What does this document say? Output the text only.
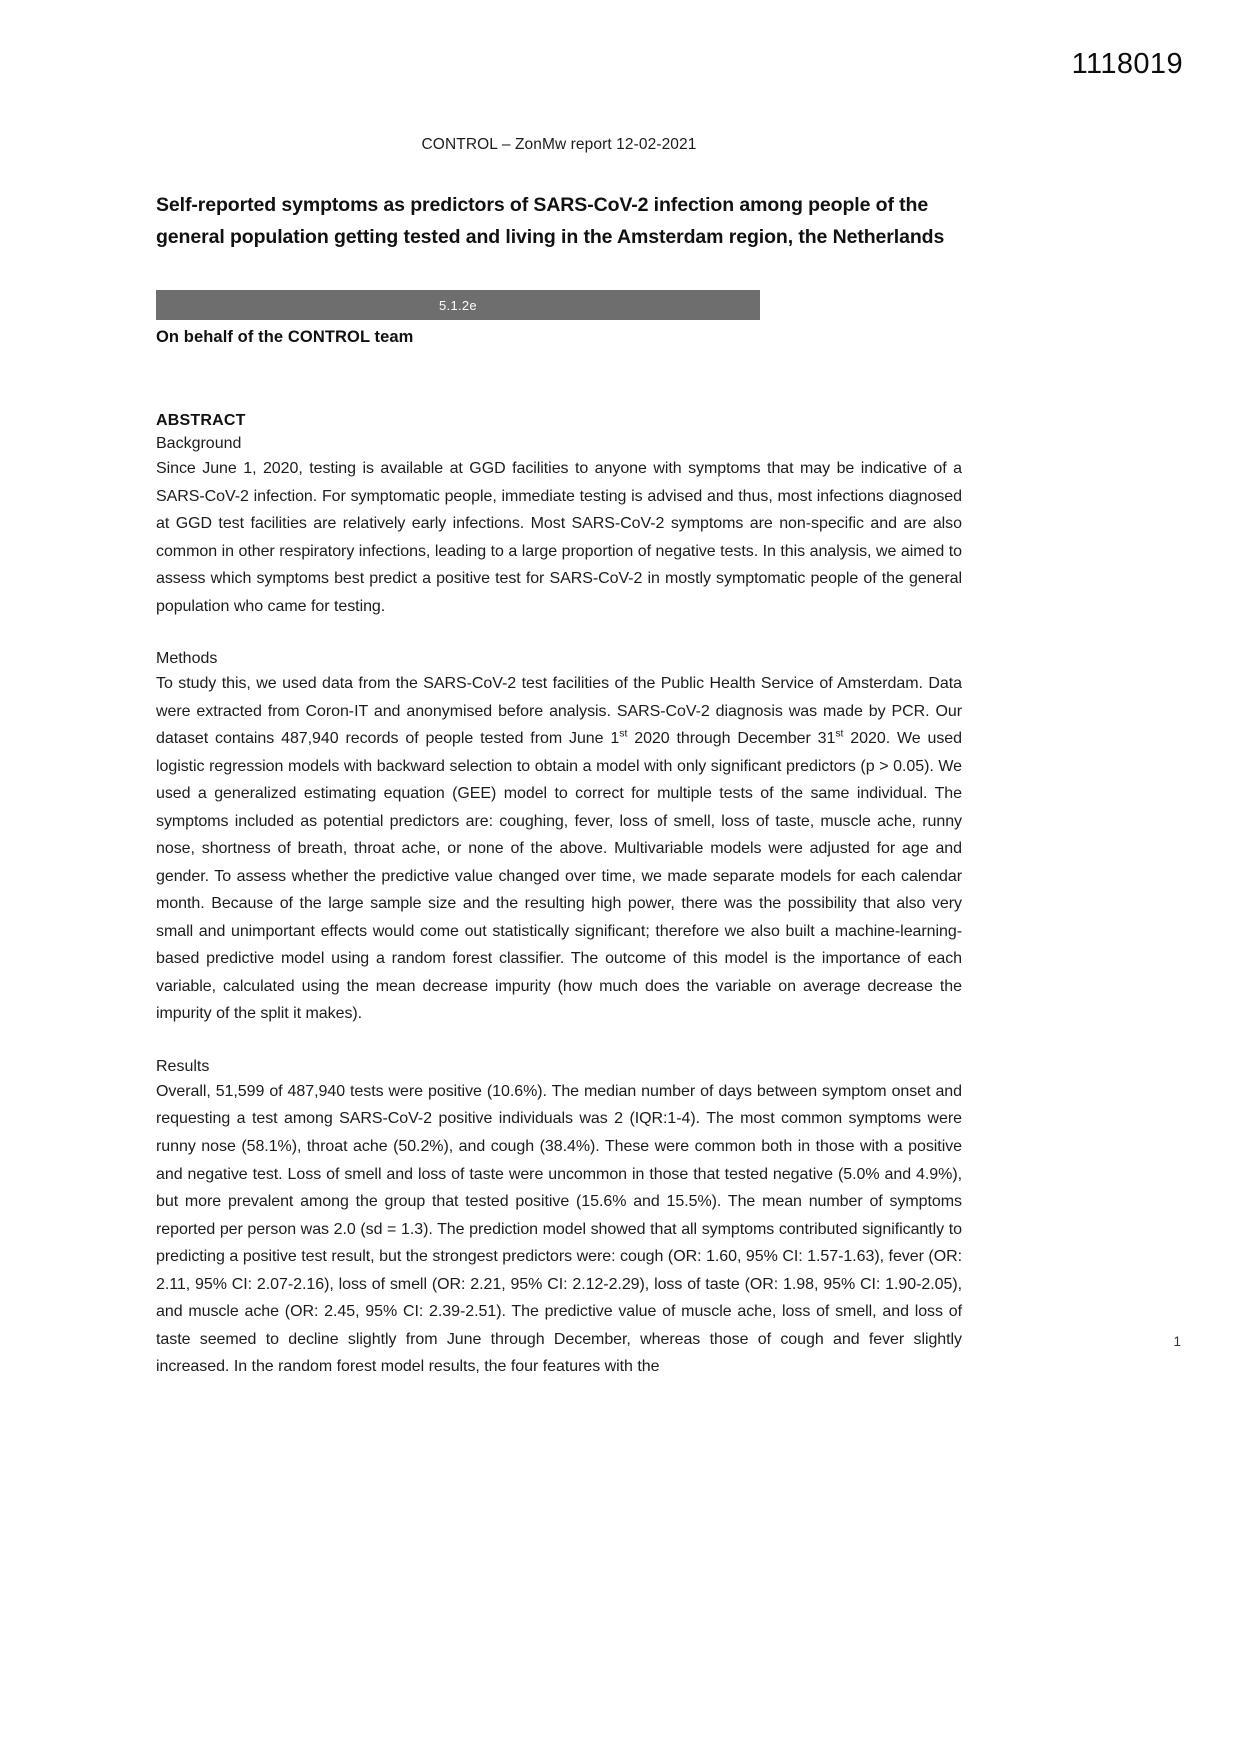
1118019
CONTROL – ZonMw report 12-02-2021
Self-reported symptoms as predictors of SARS-CoV-2 infection among people of the general population getting tested and living in the Amsterdam region, the Netherlands
5.1.2e
On behalf of the CONTROL team
ABSTRACT
Background

Since June 1, 2020, testing is available at GGD facilities to anyone with symptoms that may be indicative of a SARS-CoV-2 infection. For symptomatic people, immediate testing is advised and thus, most infections diagnosed at GGD test facilities are relatively early infections. Most SARS-CoV-2 symptoms are non-specific and are also common in other respiratory infections, leading to a large proportion of negative tests. In this analysis, we aimed to assess which symptoms best predict a positive test for SARS-CoV-2 in mostly symptomatic people of the general population who came for testing.

Methods

To study this, we used data from the SARS-CoV-2 test facilities of the Public Health Service of Amsterdam. Data were extracted from Coron-IT and anonymised before analysis. SARS-CoV-2 diagnosis was made by PCR. Our dataset contains 487,940 records of people tested from June 1st 2020 through December 31st 2020. We used logistic regression models with backward selection to obtain a model with only significant predictors (p > 0.05). We used a generalized estimating equation (GEE) model to correct for multiple tests of the same individual. The symptoms included as potential predictors are: coughing, fever, loss of smell, loss of taste, muscle ache, runny nose, shortness of breath, throat ache, or none of the above. Multivariable models were adjusted for age and gender. To assess whether the predictive value changed over time, we made separate models for each calendar month. Because of the large sample size and the resulting high power, there was the possibility that also very small and unimportant effects would come out statistically significant; therefore we also built a machine-learning-based predictive model using a random forest classifier. The outcome of this model is the importance of each variable, calculated using the mean decrease impurity (how much does the variable on average decrease the impurity of the split it makes).

Results

Overall, 51,599 of 487,940 tests were positive (10.6%). The median number of days between symptom onset and requesting a test among SARS-CoV-2 positive individuals was 2 (IQR:1-4). The most common symptoms were runny nose (58.1%), throat ache (50.2%), and cough (38.4%). These were common both in those with a positive and negative test. Loss of smell and loss of taste were uncommon in those that tested negative (5.0% and 4.9%), but more prevalent among the group that tested positive (15.6% and 15.5%). The mean number of symptoms reported per person was 2.0 (sd = 1.3). The prediction model showed that all symptoms contributed significantly to predicting a positive test result, but the strongest predictors were: cough (OR: 1.60, 95% CI: 1.57-1.63), fever (OR: 2.11, 95% CI: 2.07-2.16), loss of smell (OR: 2.21, 95% CI: 2.12-2.29), loss of taste (OR: 1.98, 95% CI: 1.90-2.05), and muscle ache (OR: 2.45, 95% CI: 2.39-2.51). The predictive value of muscle ache, loss of smell, and loss of taste seemed to decline slightly from June through December, whereas those of cough and fever slightly increased. In the random forest model results, the four features with the

1
